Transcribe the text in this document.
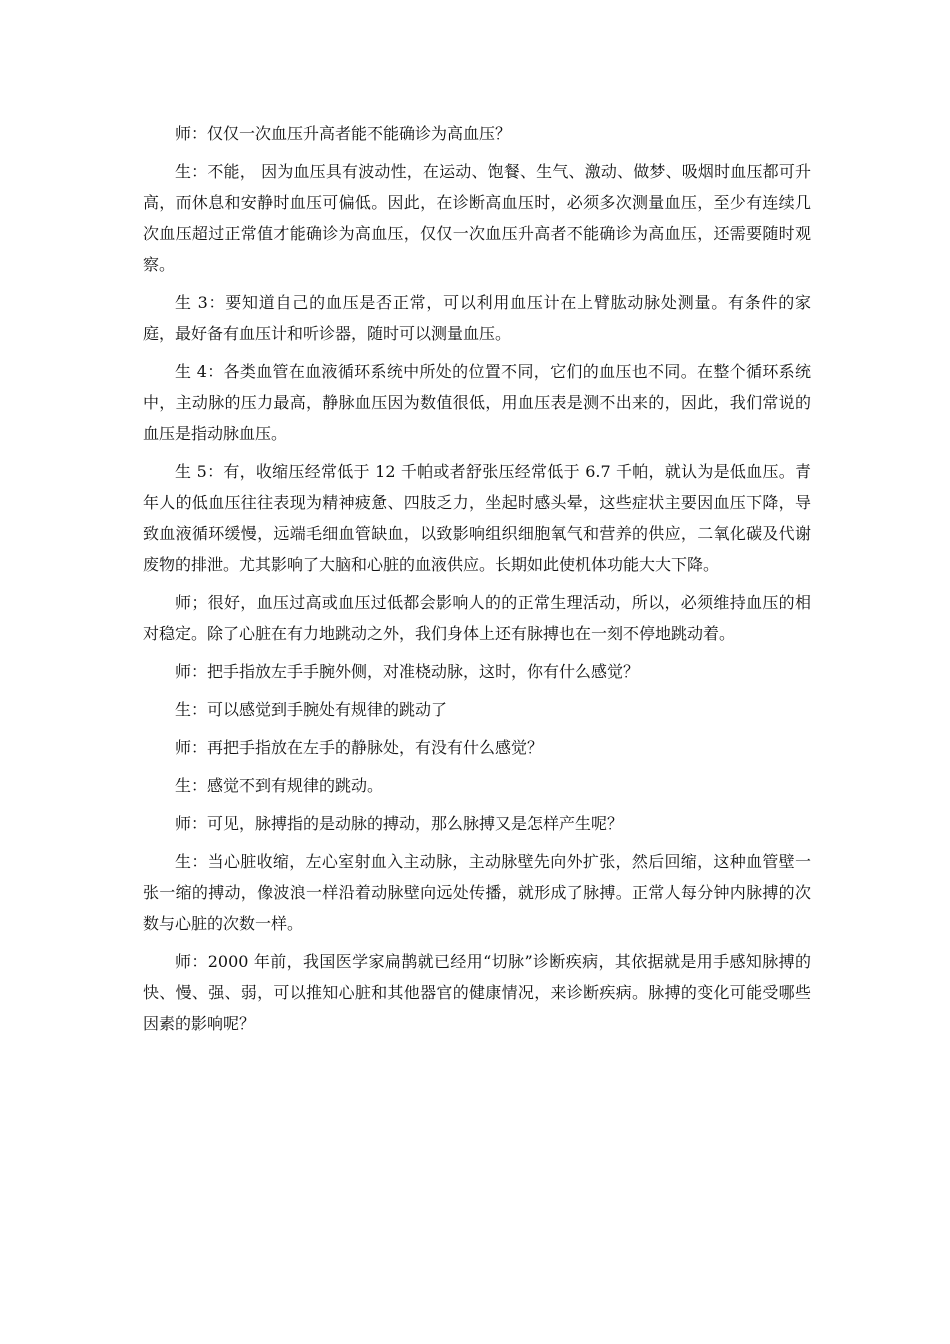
师：仅仅一次血压升高者能不能确诊为高血压？

生：不能， 因为血压具有波动性，在运动、饱餐、生气、激动、做梦、吸烟时血压都可升高，而休息和安静时血压可偏低。因此，在诊断高血压时，必须多次测量血压，至少有连续几次血压超过正常值才能确诊为高血压，仅仅一次血压升高者不能确诊为高血压，还需要随时观察。

生 3：要知道自己的血压是否正常，可以利用血压计在上臂肱动脉处测量。有条件的家庭，最好备有血压计和听诊器，随时可以测量血压。

生 4：各类血管在血液循环系统中所处的位置不同，它们的血压也不同。在整个循环系统中，主动脉的压力最高，静脉血压因为数值很低，用血压表是测不出来的，因此，我们常说的血压是指动脉血压。

生 5：有，收缩压经常低于 12 千帕或者舒张压经常低于 6.7 千帕，就认为是低血压。青年人的低血压往往表现为精神疲惫、四肢乏力，坐起时感头晕，这些症状主要因血压下降，导致血液循环缓慢，远端毛细血管缺血，以致影响组织细胞氧气和营养的供应，二氧化碳及代谢废物的排泄。尤其影响了大脑和心脏的血液供应。长期如此使机体功能大大下降。

师；很好，血压过高或血压过低都会影响人的的正常生理活动，所以，必须维持血压的相对稳定。除了心脏在有力地跳动之外，我们身体上还有脉搏也在一刻不停地跳动着。

师：把手指放左手手腕外侧，对准桡动脉，这时，你有什么感觉？

生：可以感觉到手腕处有规律的跳动了

师：再把手指放在左手的静脉处，有没有什么感觉？

生：感觉不到有规律的跳动。

师：可见，脉搏指的是动脉的搏动，那么脉搏又是怎样产生呢？

生：当心脏收缩，左心室射血入主动脉，主动脉壁先向外扩张，然后回缩，这种血管壁一张一缩的搏动，像波浪一样沿着动脉壁向远处传播，就形成了脉搏。正常人每分钟内脉搏的次数与心脏的次数一样。

师：2000 年前，我国医学家扁鹊就已经用“切脉”诊断疾病，其依据就是用手感知脉搏的快、慢、强、弱，可以推知心脏和其他器官的健康情况，来诊断疾病。脉搏的变化可能受哪些因素的影响呢？
